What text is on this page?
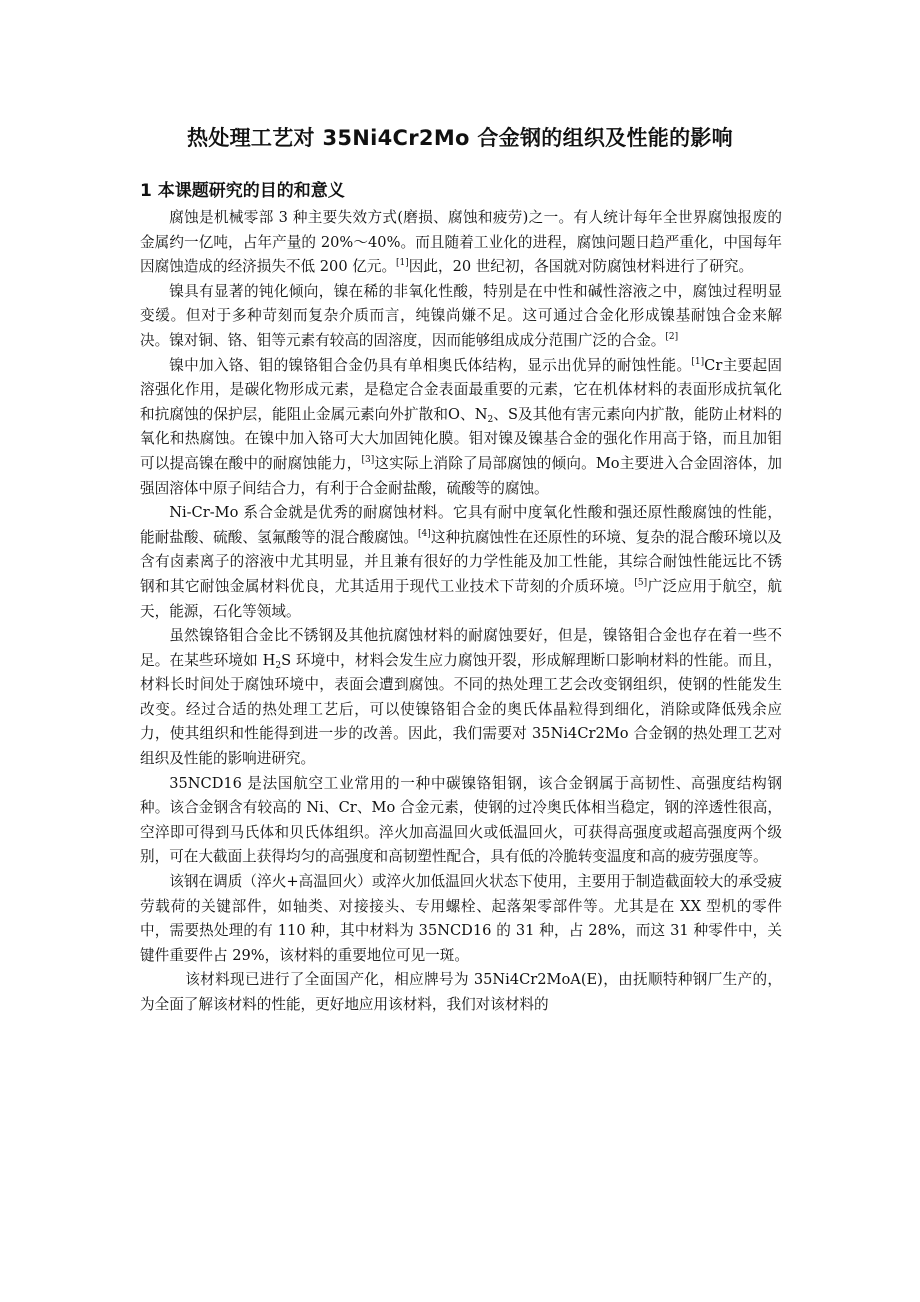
热处理工艺对 35Ni4Cr2Mo 合金钢的组织及性能的影响
1 本课题研究的目的和意义

腐蚀是机械零部 3 种主要失效方式(磨损、腐蚀和疲劳)之一。有人统计每年全世界腐蚀报废的金属约一亿吨，占年产量的 20%～40%。而且随着工业化的进程，腐蚀问题日趋严重化，中国每年因腐蚀造成的经济损失不低 200 亿元。[1]因此，20 世纪初，各国就对防腐蚀材料进行了研究。

镍具有显著的钝化倾向，镍在稀的非氧化性酸，特别是在中性和碱性溶液之中，腐蚀过程明显变缓。但对于多种苛刻而复杂介质而言，纯镍尚嫌不足。这可通过合金化形成镍基耐蚀合金来解决。镍对铜、铬、钼等元素有较高的固溶度，因而能够组成成分范围广泛的合金。[2]

镍中加入铬、钼的镍铬钼合金仍具有单相奥氏体结构，显示出优异的耐蚀性能。[1]Cr主要起固溶强化作用，是碳化物形成元素，是稳定合金表面最重要的元素，它在机体材料的表面形成抗氧化和抗腐蚀的保护层，能阻止金属元素向外扩散和O、$N_2$、S及其他有害元素向内扩散，能防止材料的氧化和热腐蚀。在镍中加入铬可大大加固钝化膜。钼对镍及镍基合金的强化作用高于铬，而且加钼可以提高镍在酸中的耐腐蚀能力，[3]这实际上消除了局部腐蚀的倾向。Mo主要进入合金固溶体，加强固溶体中原子间结合力，有利于合金耐盐酸，硫酸等的腐蚀。

Ni-Cr-Mo 系合金就是优秀的耐腐蚀材料。它具有耐中度氧化性酸和强还原性酸腐蚀的性能，能耐盐酸、硫酸、氢氟酸等的混合酸腐蚀。[4]这种抗腐蚀性在还原性的环境、复杂的混合酸环境以及含有卤素离子的溶液中尤其明显，并且兼有很好的力学性能及加工性能，其综合耐蚀性能远比不锈钢和其它耐蚀金属材料优良，尤其适用于现代工业技术下苛刻的介质环境。[5]广泛应用于航空，航天，能源，石化等领域。

虽然镍铬钼合金比不锈钢及其他抗腐蚀材料的耐腐蚀要好，但是，镍铬钼合金也存在着一些不足。在某些环境如 $H_2S$ 环境中，材料会发生应力腐蚀开裂，形成解理断口影响材料的性能。而且，材料长时间处于腐蚀环境中，表面会遭到腐蚀。不同的热处理工艺会改变钢组织，使钢的性能发生改变。经过合适的热处理工艺后，可以使镍铬钼合金的奥氏体晶粒得到细化，消除或降低残余应力，使其组织和性能得到进一步的改善。因此，我们需要对 35Ni4Cr2Mo 合金钢的热处理工艺对组织及性能的影响进研究。

35NCD16 是法国航空工业常用的一种中碳镍铬钼钢，该合金钢属于高韧性、高强度结构钢种。该合金钢含有较高的 Ni、Cr、Mo 合金元素，使钢的过冷奥氏体相当稳定，钢的淬透性很高，空淬即可得到马氏体和贝氏体组织。淬火加高温回火或低温回火，可获得高强度或超高强度两个级别，可在大截面上获得均匀的高强度和高韧塑性配合，具有低的冷脆转变温度和高的疲劳强度等。

该钢在调质（淬火+高温回火）或淬火加低温回火状态下使用，主要用于制造截面较大的承受疲劳载荷的关键部件，如轴类、对接接头、专用螺栓、起落架零部件等。尤其是在 XX 型机的零件中，需要热处理的有 110 种，其中材料为 35NCD16 的 31 种，占 28%，而这 31 种零件中，关键件重要件占 29%，该材料的重要地位可见一斑。

该材料现已进行了全面国产化，相应牌号为 35Ni4Cr2MoA(E)，由抚顺特种钢厂生产的，为全面了解该材料的性能，更好地应用该材料，我们对该材料的
